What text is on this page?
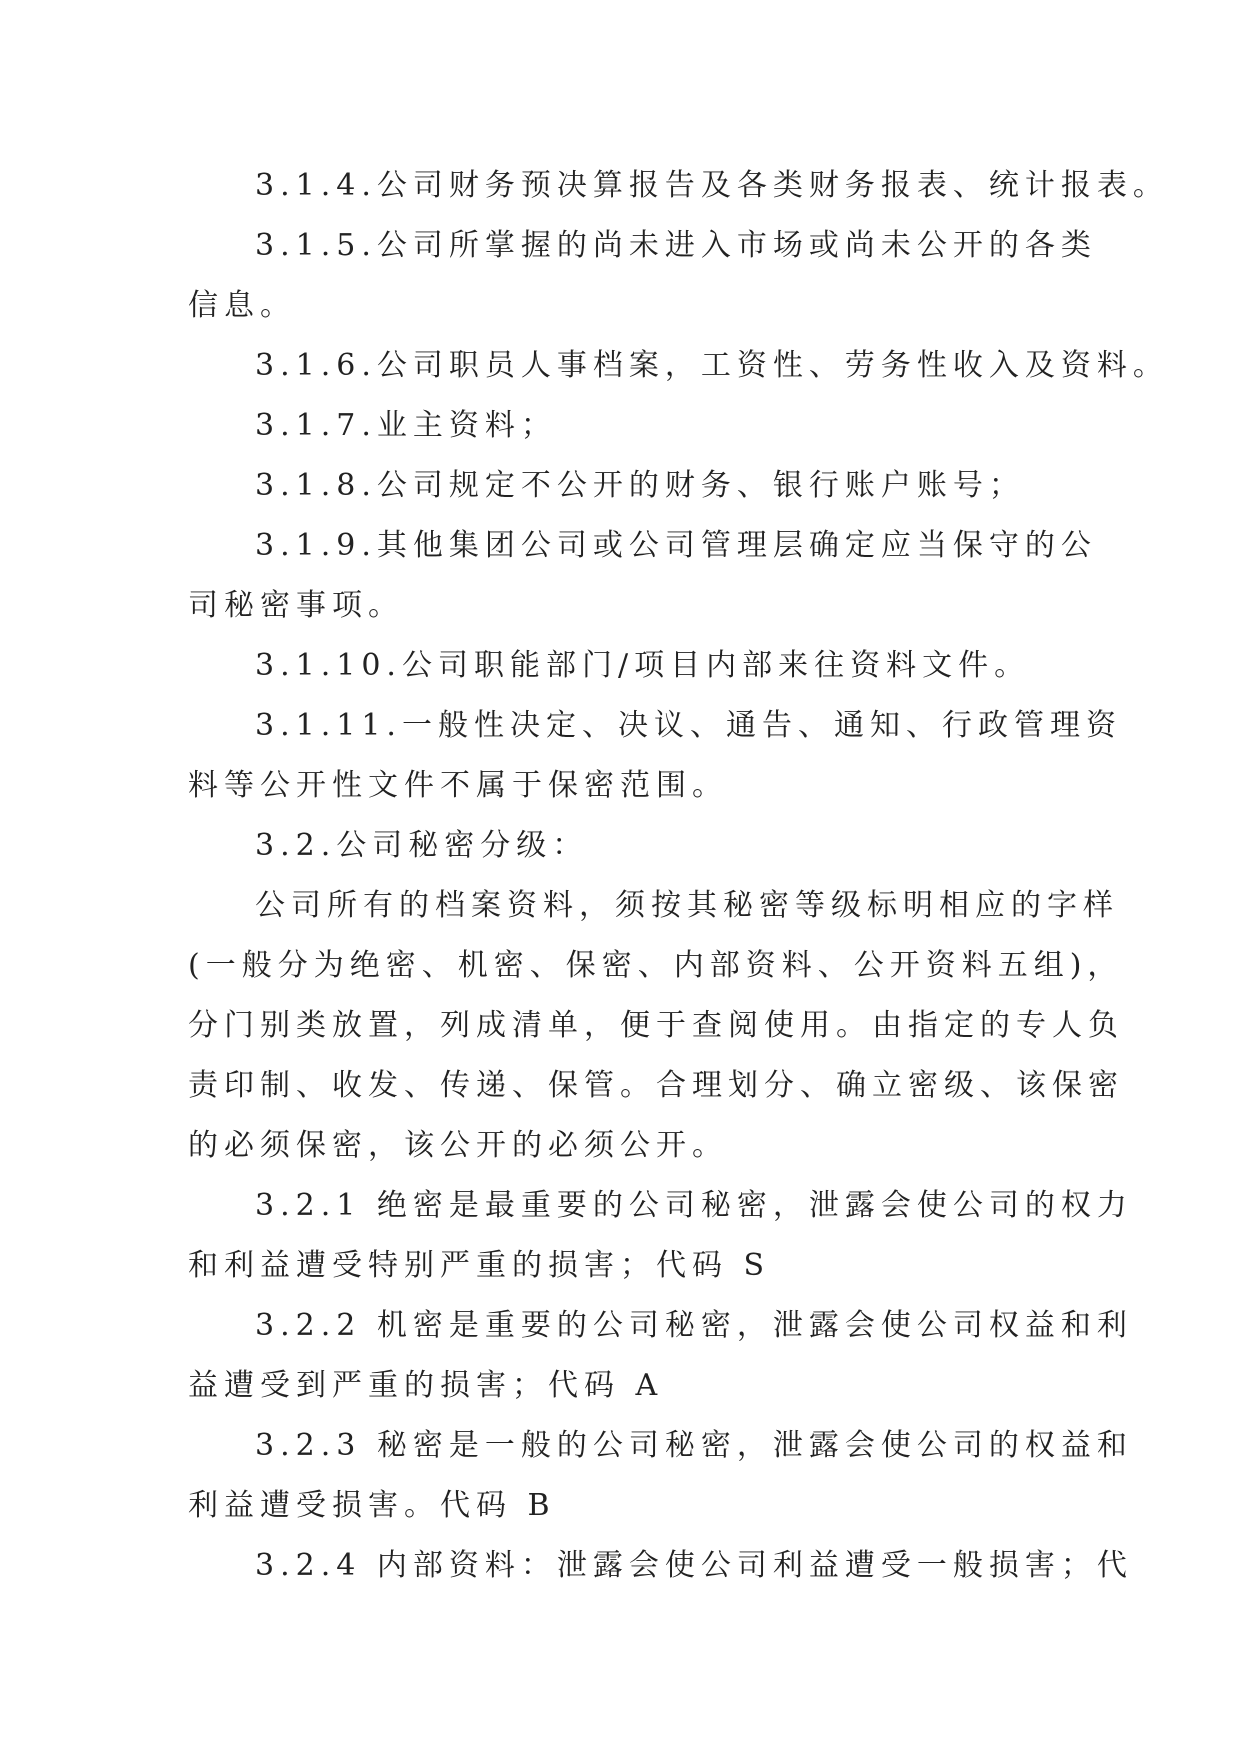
3.1.4.公司财务预决算报告及各类财务报表、统计报表。
3.1.5.公司所掌握的尚未进入市场或尚未公开的各类
信息。
3.1.6.公司职员人事档案，工资性、劳务性收入及资料。
3.1.7.业主资料；
3.1.8.公司规定不公开的财务、银行账户账号；
3.1.9.其他集团公司或公司管理层确定应当保守的公
司秘密事项。
3.1.10.公司职能部门/项目内部来往资料文件。
3.1.11.一般性决定、决议、通告、通知、行政管理资
料等公开性文件不属于保密范围。
3.2.公司秘密分级：
公司所有的档案资料，须按其秘密等级标明相应的字样
(一般分为绝密、机密、保密、内部资料、公开资料五组)，
分门别类放置，列成清单，便于查阅使用。由指定的专人负
责印制、收发、传递、保管。合理划分、确立密级、该保密
的必须保密，该公开的必须公开。
3.2.1 绝密是最重要的公司秘密，泄露会使公司的权力
和利益遭受特别严重的损害；代码 S
3.2.2 机密是重要的公司秘密，泄露会使公司权益和利
益遭受到严重的损害；代码 A
3.2.3 秘密是一般的公司秘密，泄露会使公司的权益和
利益遭受损害。代码 B
3.2.4 内部资料：泄露会使公司利益遭受一般损害；代
